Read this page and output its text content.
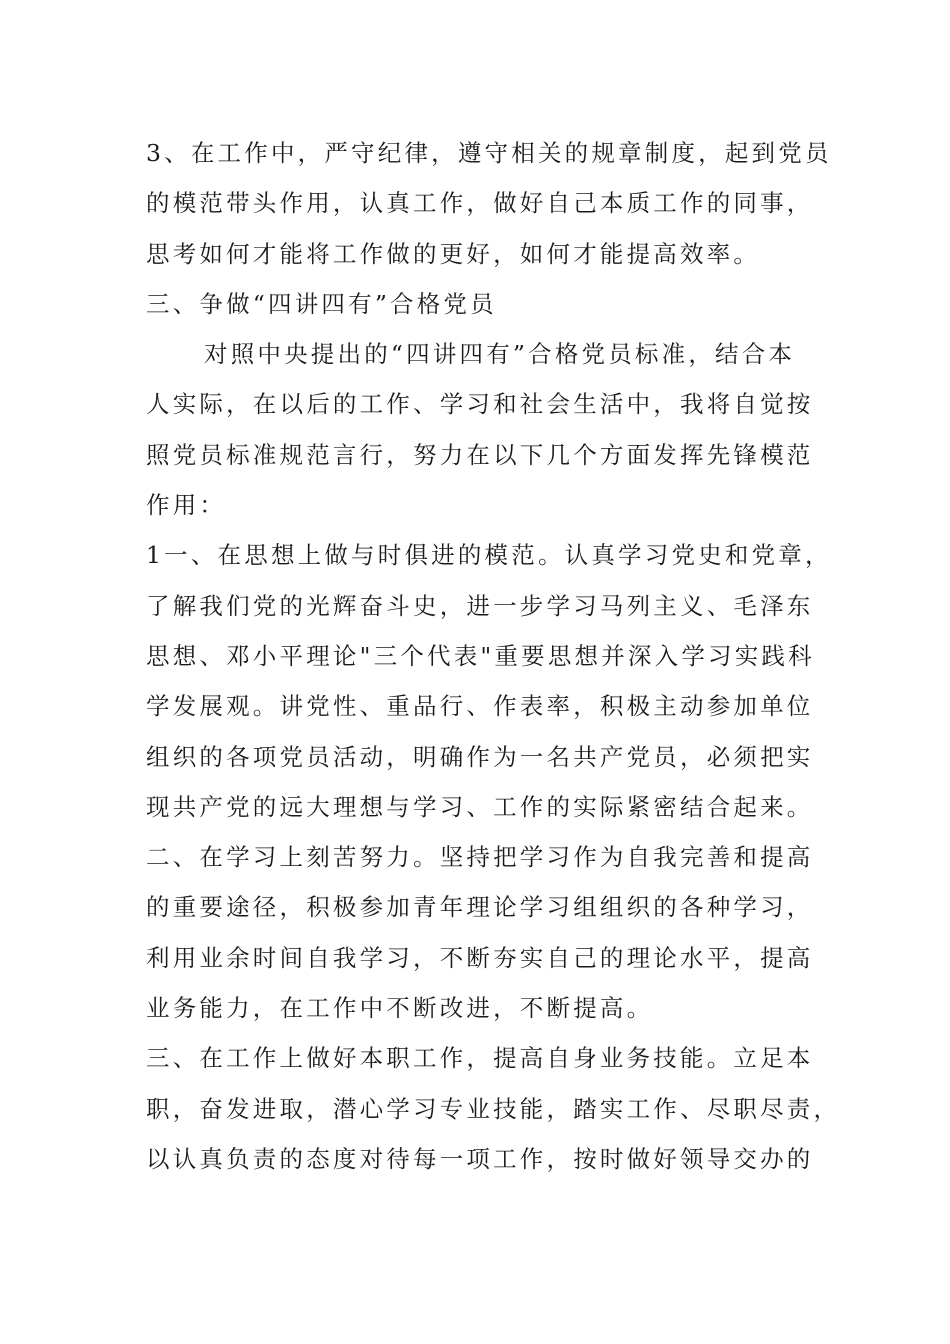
3、在工作中，严守纪律，遵守相关的规章制度，起到党员
的模范带头作用，认真工作，做好自己本质工作的同事，
思考如何才能将工作做的更好，如何才能提高效率。
三、争做“四讲四有”合格党员
对照中央提出的“四讲四有”合格党员标准，结合本
人实际，在以后的工作、学习和社会生活中，我将自觉按
照党员标准规范言行，努力在以下几个方面发挥先锋模范
作用：
1一、在思想上做与时俱进的模范。认真学习党史和党章，
了解我们党的光辉奋斗史，进一步学习马列主义、毛泽东
思想、邓小平理论"三个代表"重要思想并深入学习实践科
学发展观。讲党性、重品行、作表率，积极主动参加单位
组织的各项党员活动，明确作为一名共产党员，必须把实
现共产党的远大理想与学习、工作的实际紧密结合起来。
二、在学习上刻苦努力。坚持把学习作为自我完善和提高
的重要途径，积极参加青年理论学习组组织的各种学习，
利用业余时间自我学习，不断夯实自己的理论水平，提高
业务能力，在工作中不断改进，不断提高。
三、在工作上做好本职工作，提高自身业务技能。立足本
职，奋发进取，潜心学习专业技能，踏实工作、尽职尽责，
以认真负责的态度对待每一项工作，按时做好领导交办的
